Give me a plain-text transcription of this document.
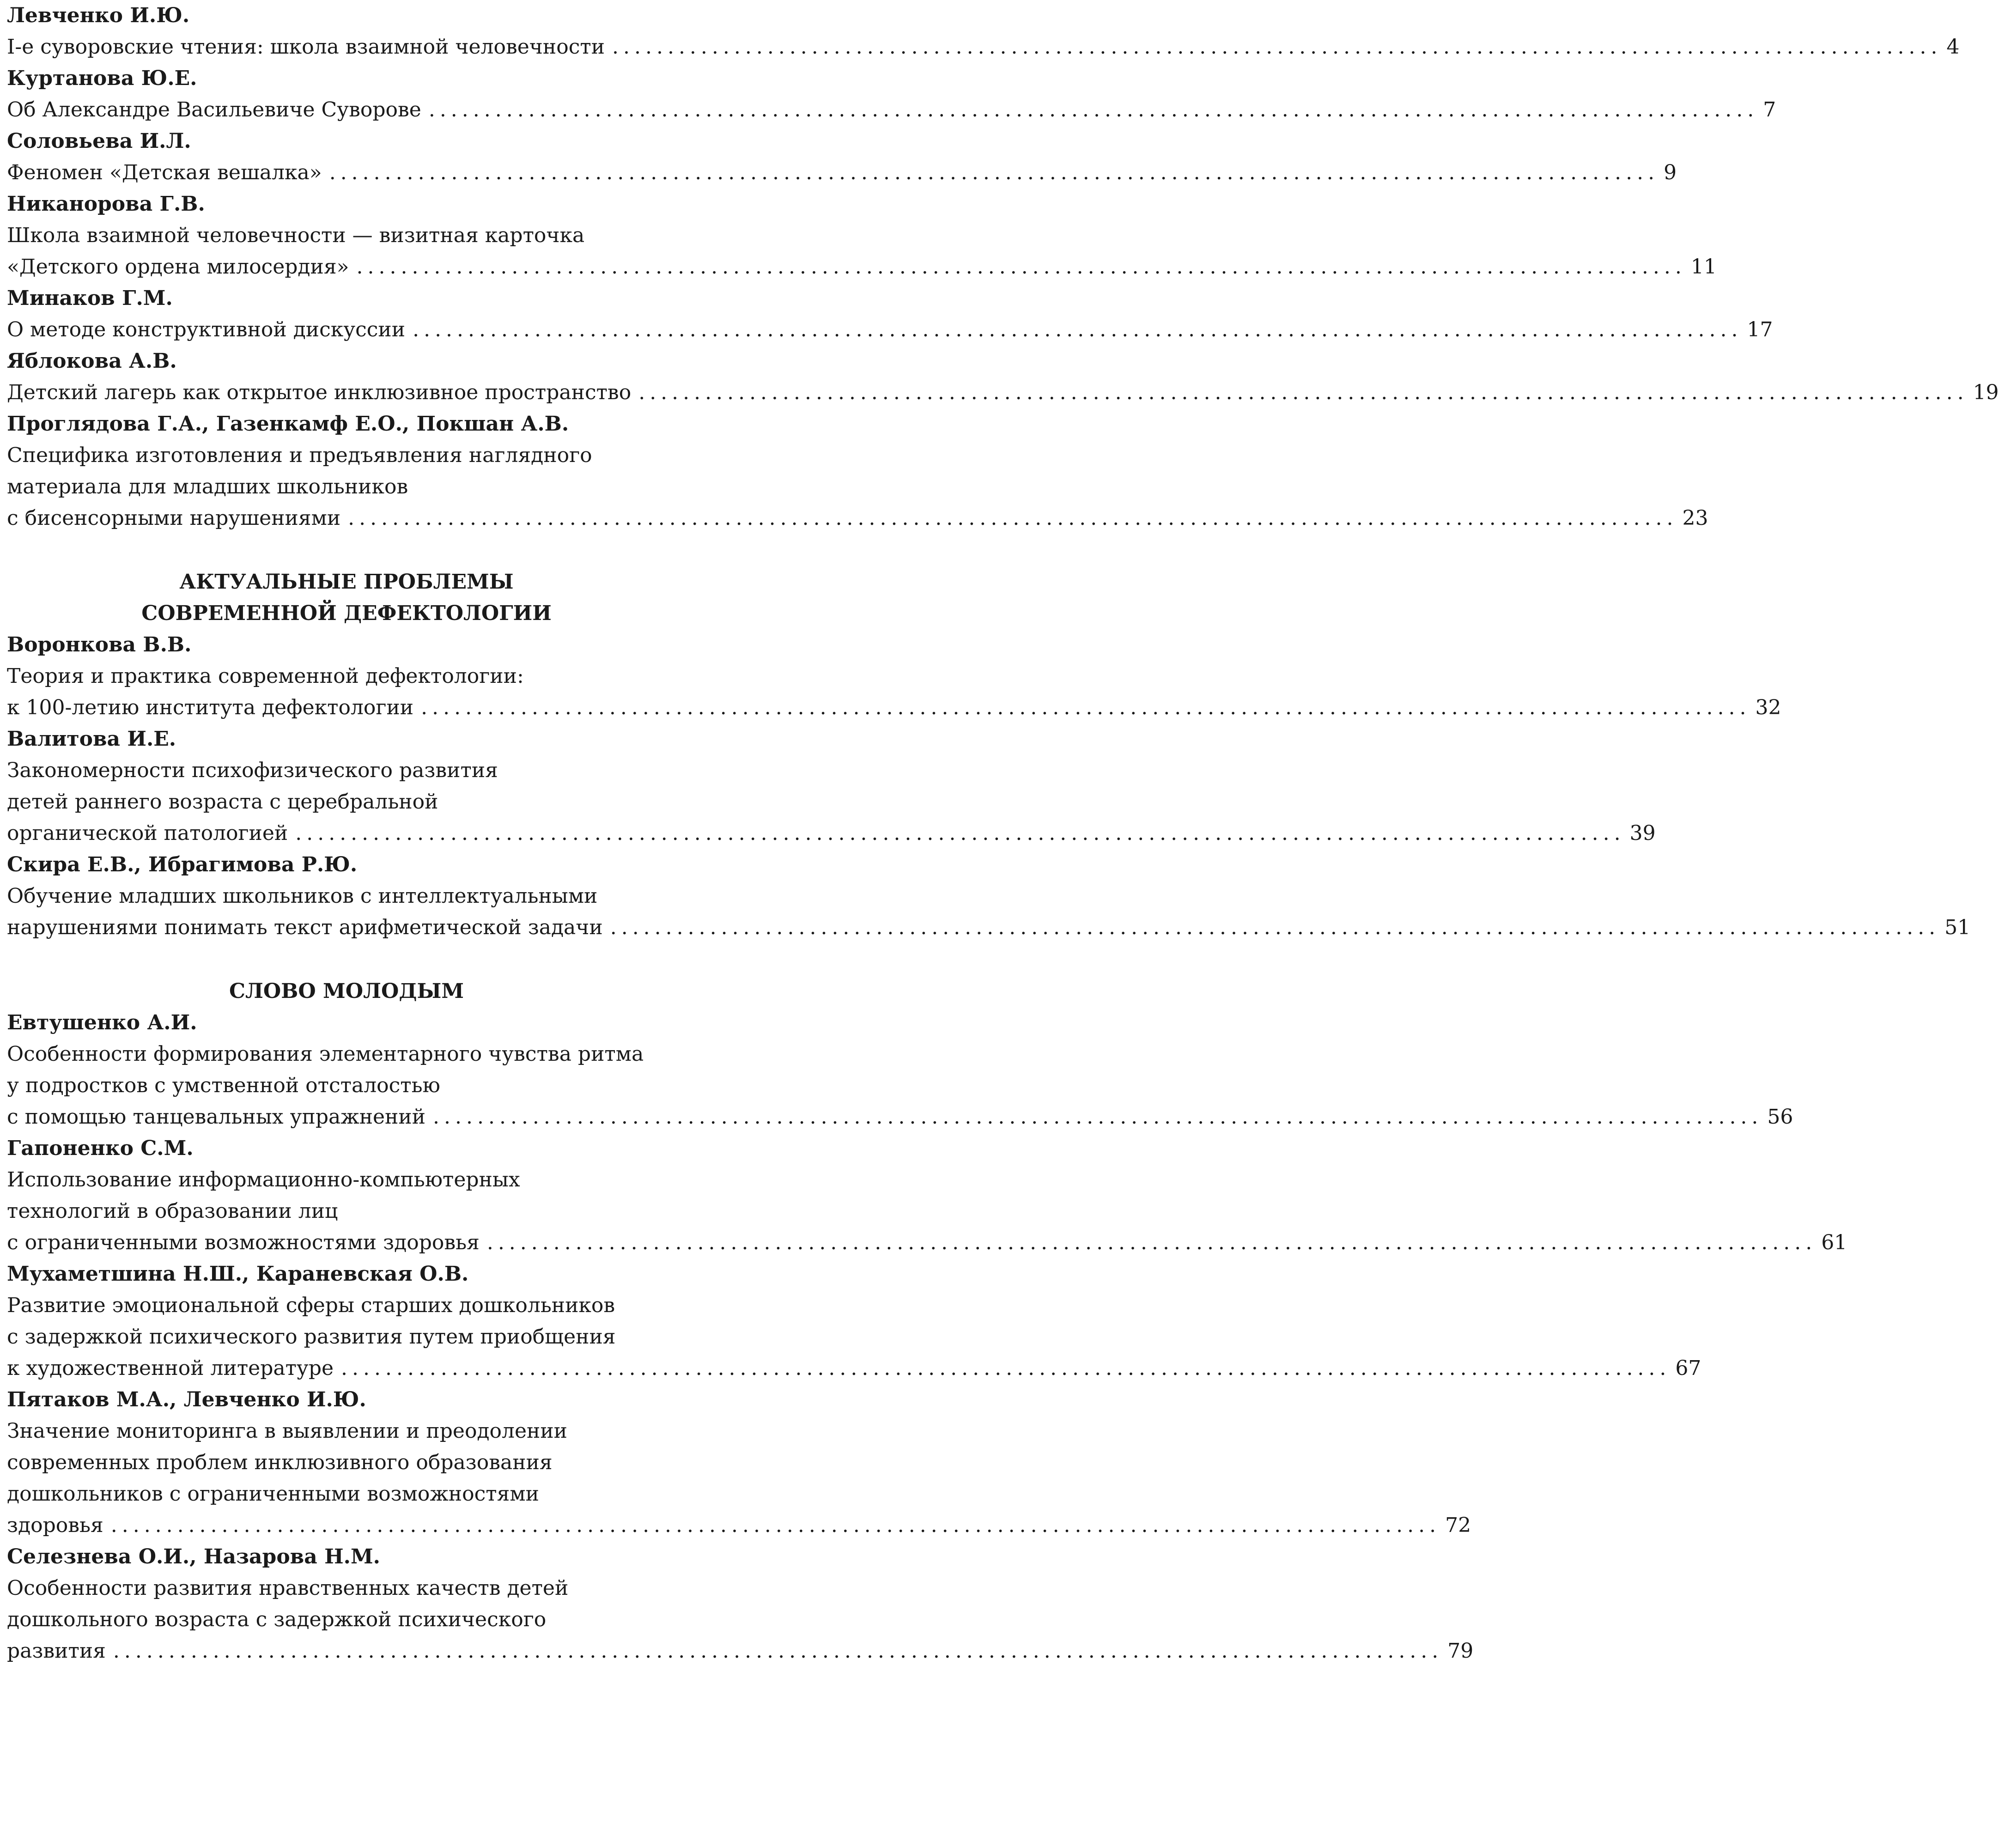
Левченко И.Ю.
I-е суворовские чтения: школа взаимной человечности ........................................................................................................................ 4
Куртанова Ю.Е.
Об Александре Васильевиче Суворове ........................................................................................................................ 7
Соловьева И.Л.
Феномен «Детская вешалка» ........................................................................................................................ 9
Никанорова Г.В.
Школа взаимной человечности — визитная карточка
«Детского ордена милосердия» ........................................................................................................................ 11
Минаков Г.М.
О методе конструктивной дискуссии ........................................................................................................................ 17
Яблокова А.В.
Детский лагерь как открытое инклюзивное пространство ........................................................................................................................ 19
Проглядова Г.А., Газенкамф Е.О., Покшан А.В.
Специфика изготовления и предъявления наглядного
материала для младших школьников
с бисенсорными нарушениями ........................................................................................................................ 23
АКТУАЛЬНЫЕ ПРОБЛЕМЫ
СОВРЕМЕННОЙ ДЕФЕКТОЛОГИИ
Воронкова В.В.
Теория и практика современной дефектологии:
к 100-летию института дефектологии ........................................................................................................................ 32
Валитова И.Е.
Закономерности психофизического развития
детей раннего возраста с церебральной
органической патологией ........................................................................................................................ 39
Скира Е.В., Ибрагимова Р.Ю.
Обучение младших школьников с интеллектуальными
нарушениями понимать текст арифметической задачи ........................................................................................................................ 51
СЛОВО МОЛОДЫМ
Евтушенко А.И.
Особенности формирования элементарного чувства ритма
у подростков с умственной отсталостью
с помощью танцевальных упражнений ........................................................................................................................ 56
Гапоненко С.М.
Использование информационно-компьютерных
технологий в образовании лиц
с ограниченными возможностями здоровья ........................................................................................................................ 61
Мухаметшина Н.Ш., Караневская О.В.
Развитие эмоциональной сферы старших дошкольников
с задержкой психического развития путем приобщения
к художественной литературе ........................................................................................................................ 67
Пятаков М.А., Левченко И.Ю.
Значение мониторинга в выявлении и преодолении
современных проблем инклюзивного образования
дошкольников с ограниченными возможностями
здоровья ........................................................................................................................ 72
Селезнева О.И., Назарова Н.М.
Особенности развития нравственных качеств детей
дошкольного возраста с задержкой психического
развития ........................................................................................................................ 79
